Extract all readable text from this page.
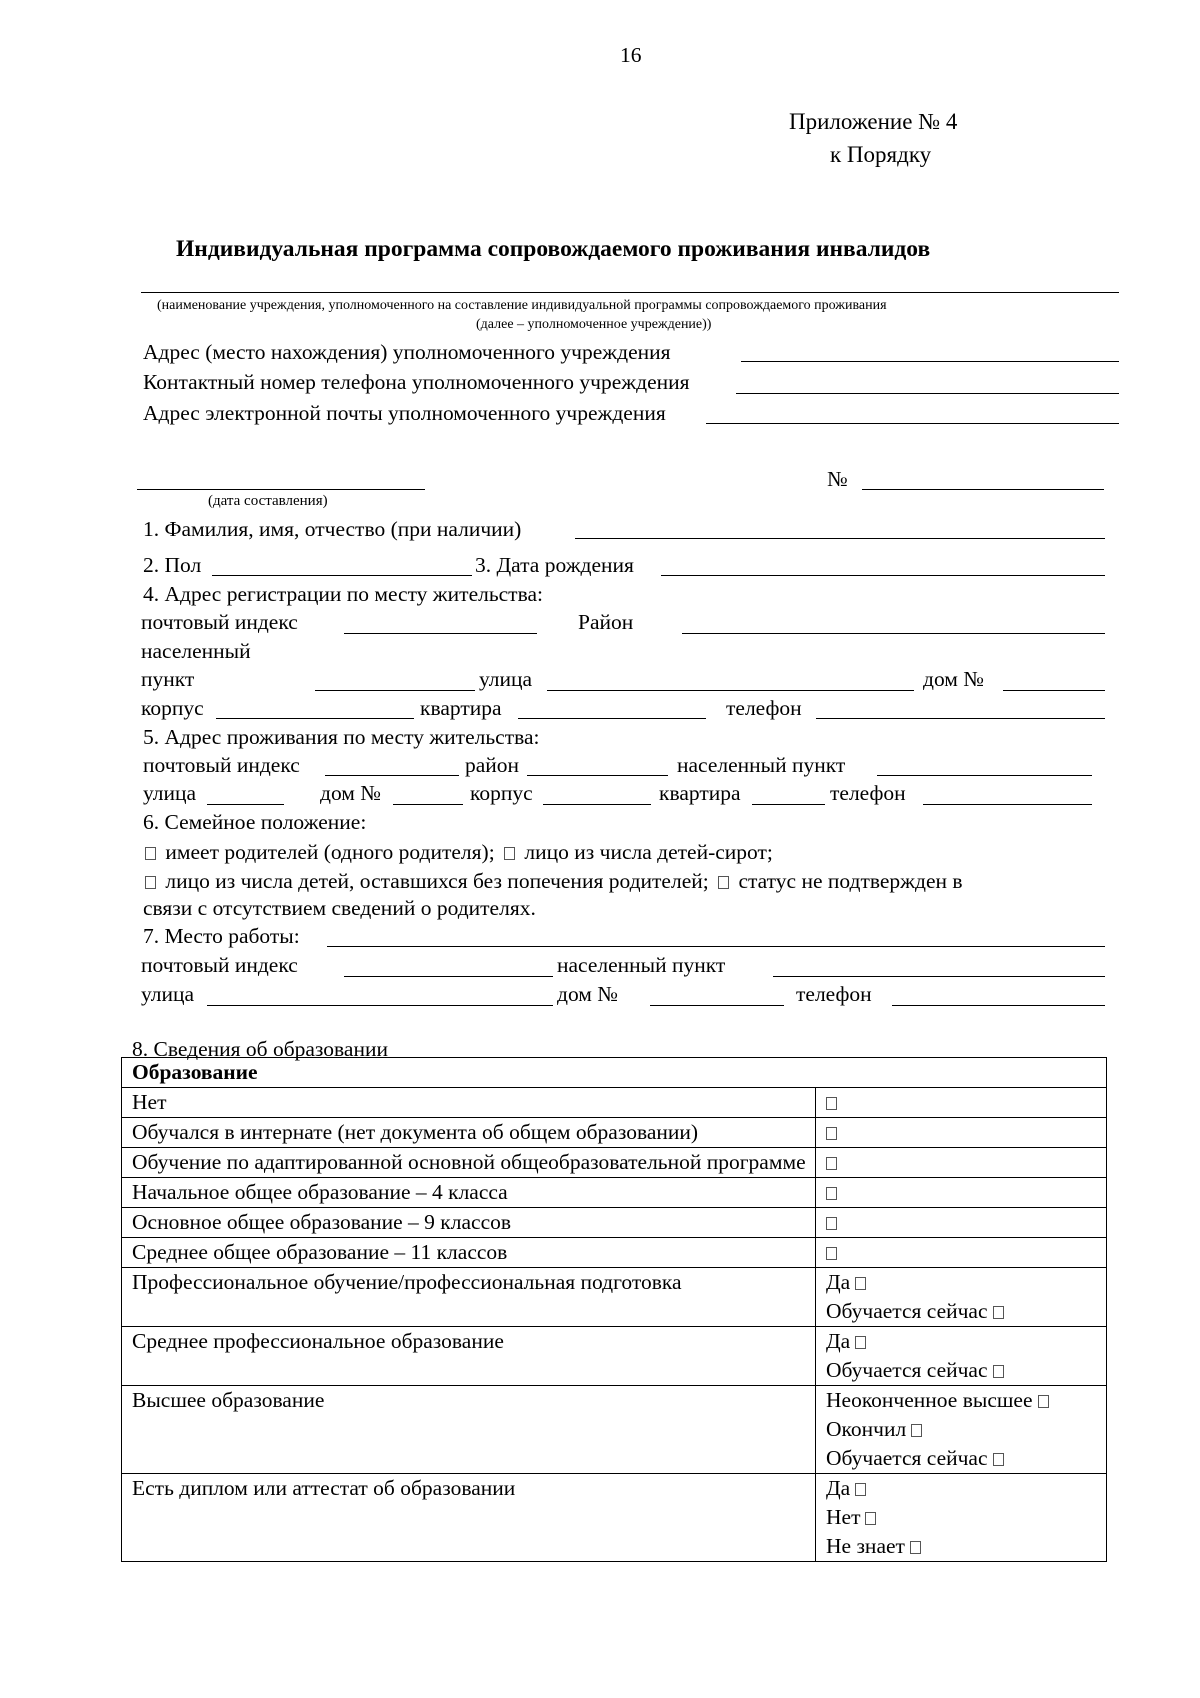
16
Приложение № 4
к Порядку
Индивидуальная программа сопровождаемого проживания инвалидов
(наименование учреждения, уполномоченного на составление индивидуальной программы сопровождаемого проживания
(далее – уполномоченное учреждение))
Адрес (место нахождения) уполномоченного учреждения
Контактный номер телефона уполномоченного учреждения
Адрес электронной почты уполномоченного учреждения
(дата составления)
№
1. Фамилия, имя, отчество (при наличии)
2. Пол	3. Дата рождения
4. Адрес регистрации по месту жительства:
почтовый индекс	Район
населенный
пункт	улица	дом №
корпус	квартира	телефон
5. Адрес проживания по месту жительства:
почтовый индекс	район	населенный пункт
улица	дом №	корпус	квартира	телефон
6. Семейное положение:
имеет родителей (одного родителя); лицо из числа детей-сирот;
лицо из числа детей, оставшихся без попечения родителей; статус не подтвержден в
связи с отсутствием сведений о родителях.
7. Место работы:
почтовый индекс	населенный пункт
улица	дом №	телефон
8. Сведения об образовании
Образование	
Нет	

Обучался в интернате (нет документа об общем образовании)	

Обучение по адаптированной основной общеобразовательной программе	

Начальное общее образование – 4 класса	

Основное общее образование – 9 классов	

Среднее общее образование – 11 классов	

Профессиональное обучение/профессиональная подготовка	Да
Обучается сейчас

Среднее профессиональное образование	Да
Обучается сейчас

Высшее образование	Неоконченное высшее
Окончил
Обучается сейчас

Есть диплом или аттестат об образовании	Да
Нет
Не знает
